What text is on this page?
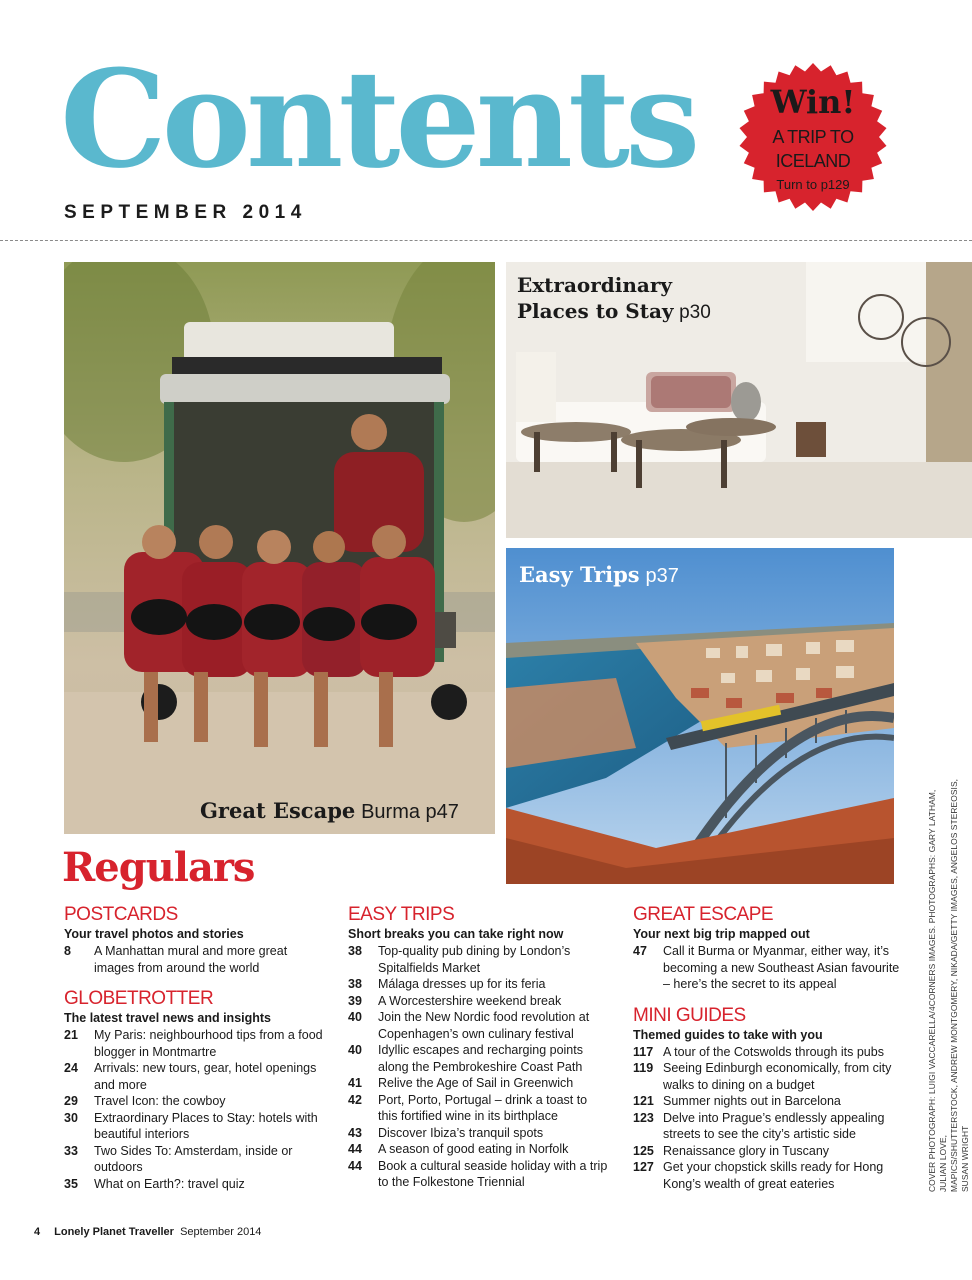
Contents
SEPTEMBER 2014
Win!
A TRIP TO
ICELAND
Turn to p129
Great Escape Burma p47
Extraordinary
Places to Stay p30
Easy Trips p37
Regulars
POSTCARDS
Your travel photos and stories
8	A Manhattan mural and more great images from around the world
GLOBETROTTER
The latest travel news and insights
21	My Paris: neighbourhood tips from a food blogger in Montmartre
24	Arrivals: new tours, gear, hotel openings and more
29	Travel Icon: the cowboy
30	Extraordinary Places to Stay: hotels with beautiful interiors
33	Two Sides To: Amsterdam, inside or outdoors
35	What on Earth?: travel quiz
EASY TRIPS
Short breaks you can take right now
38	Top-quality pub dining by London’s Spitalfields Market
38	Málaga dresses up for its feria
39	A Worcestershire weekend break
40	Join the New Nordic food revolution at Copenhagen’s own culinary festival
40	Idyllic escapes and recharging points along the Pembrokeshire Coast Path
41	Relive the Age of Sail in Greenwich
42	Port, Porto, Portugal – drink a toast to this fortified wine in its birthplace
43	Discover Ibiza’s tranquil spots
44	A season of good eating in Norfolk
44	Book a cultural seaside holiday with a trip to the Folkestone Triennial
GREAT ESCAPE
Your next big trip mapped out
47	Call it Burma or Myanmar, either way, it’s becoming a new Southeast Asian favourite – here’s the secret to its appeal
MINI GUIDES
Themed guides to take with you
117 A tour of the Cotswolds through its pubs
119 Seeing Edinburgh economically, from city walks to dining on a budget
121 Summer nights out in Barcelona
123 Delve into Prague’s endlessly appealing streets to see the city’s artistic side
125 Renaissance glory in Tuscany
127 Get your chopstick skills ready for Hong Kong’s wealth of great eateries	COVER PHOTOGRAPH: LUIGI VACCARELLA/4CORNERS IMAGES. PHOTOGRAPHS: GARY LATHAM, JULIAN LOVE, MAPICS/SHUTTERSTOCK, ANDREW MONTGOMERY, NIKADA/GETTY IMAGES, ANGELOS STEREOSIS, SUSAN WRIGHT
4 Lonely Planet Traveller September 2014
